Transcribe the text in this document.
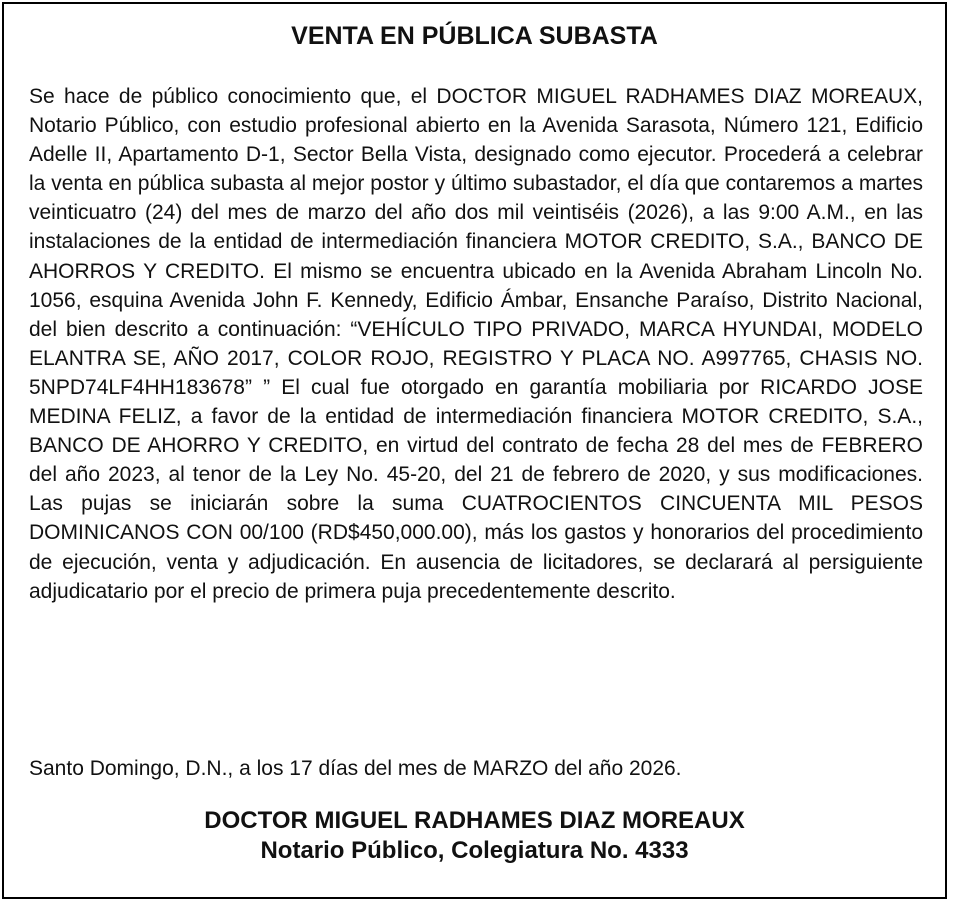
VENTA EN PÚBLICA SUBASTA

Se hace de público conocimiento que, el DOCTOR MIGUEL RADHAMES DIAZ MOREAUX, Notario Público, con estudio profesional abierto en la Avenida Sarasota, Número 121, Edificio Adelle II, Apartamento D-1, Sector Bella Vista, designado como ejecutor. Procederá a celebrar la venta en pública subasta al mejor postor y último subastador, el día que contaremos a martes veinticuatro (24) del mes de marzo del año dos mil veintiséis (2026), a las 9:00 A.M., en las instalaciones de la entidad de intermediación financiera MOTOR CREDITO, S.A., BANCO DE AHORROS Y CREDITO. El mismo se encuentra ubicado en la Avenida Abraham Lincoln No. 1056, esquina Avenida John F. Kennedy, Edificio Ámbar, Ensanche Paraíso, Distrito Nacional, del bien descrito a continuación: “VEHÍCULO TIPO PRIVADO, MARCA HYUNDAI, MODELO ELANTRA SE, AÑO 2017, COLOR ROJO, REGISTRO Y PLACA NO. A997765, CHASIS NO. 5NPD74LF4HH183678” ” El cual fue otorgado en garantía mobiliaria por RICARDO JOSE MEDINA FELIZ, a favor de la entidad de intermediación financiera MOTOR CREDITO, S.A., BANCO DE AHORRO Y CREDITO, en virtud del contrato de fecha 28 del mes de FEBRERO del año 2023, al tenor de la Ley No. 45-20, del 21 de febrero de 2020, y sus modificaciones. Las pujas se iniciarán sobre la suma CUATROCIENTOS CINCUENTA MIL PESOS DOMINICANOS CON 00/100 (RD$450,000.00), más los gastos y honorarios del procedimiento de ejecución, venta y adjudicación. En ausencia de licitadores, se declarará al persiguiente adjudicatario por el precio de primera puja precedentemente descrito.

Santo Domingo, D.N., a los 17 días del mes de MARZO del año 2026.

DOCTOR MIGUEL RADHAMES DIAZ MOREAUX
Notario Público, Colegiatura No. 4333
